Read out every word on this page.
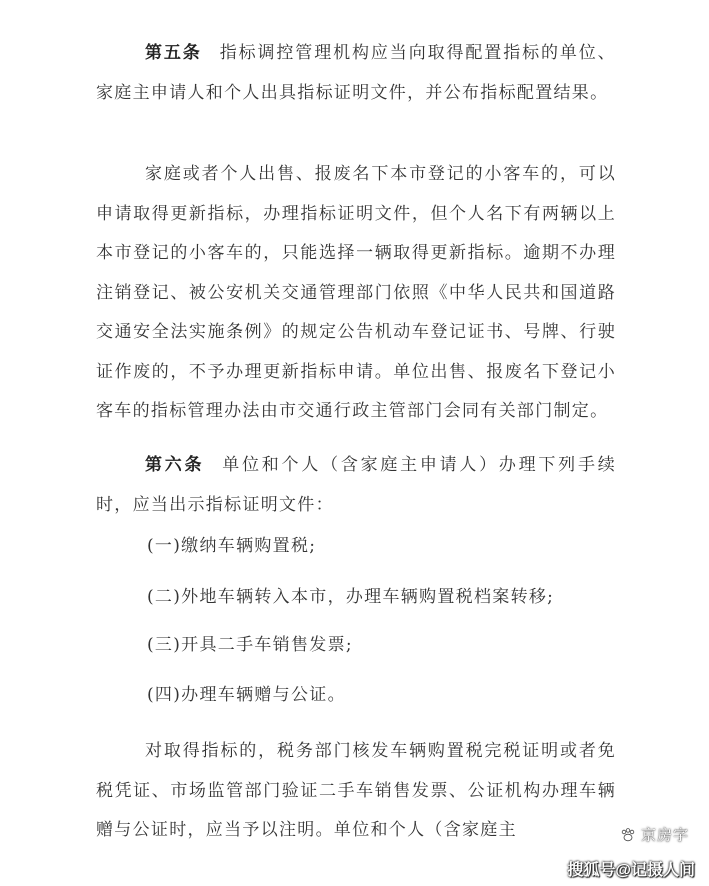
第五条 指标调控管理机构应当向取得配置指标的单位、家庭主申请人和个人出具指标证明文件，并公布指标配置结果。

家庭或者个人出售、报废名下本市登记的小客车的，可以申请取得更新指标，办理指标证明文件，但个人名下有两辆以上本市登记的小客车的，只能选择一辆取得更新指标。逾期不办理注销登记、被公安机关交通管理部门依照《中华人民共和国道路交通安全法实施条例》的规定公告机动车登记证书、号牌、行驶证作废的，不予办理更新指标申请。单位出售、报废名下登记小客车的指标管理办法由市交通行政主管部门会同有关部门制定。

第六条 单位和个人（含家庭主申请人）办理下列手续时，应当出示指标证明文件：

(一)缴纳车辆购置税;

(二)外地车辆转入本市，办理车辆购置税档案转移;

(三)开具二手车销售发票;

(四)办理车辆赠与公证。

对取得指标的，税务部门核发车辆购置税完税证明或者免税凭证、市场监管部门验证二手车销售发票、公证机构办理车辆赠与公证时，应当予以注明。单位和个人（含家庭主	京房字
搜狐号@记摄人间
